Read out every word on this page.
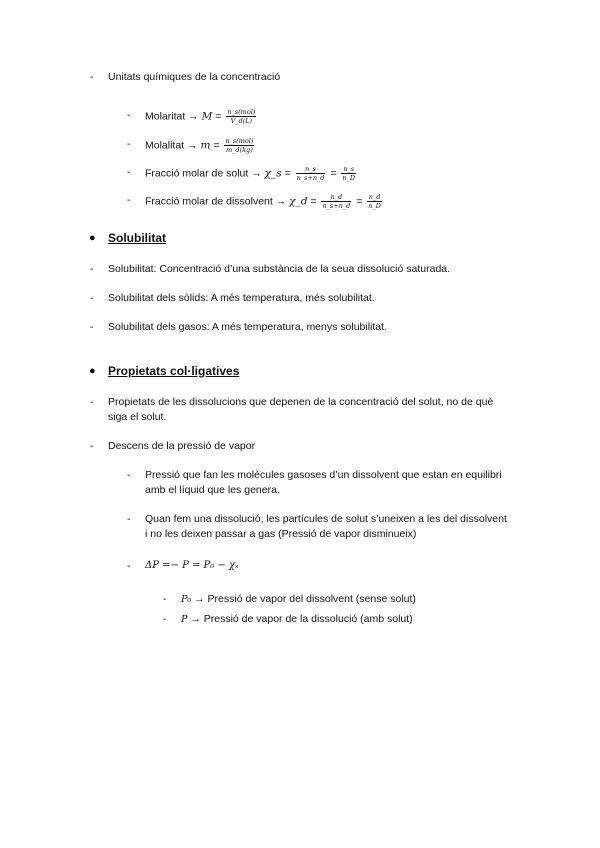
- Unitats químiques de la concentració
- Molaritat → $M = \frac{\text{n\_s(mol)}}{V\_d(L)}$
- Molalitat → $m = \frac{\text{n\_s(mol)}}{m\_d(kg)}$
- Fracció molar de solut → χ_s = $\frac{n\_s}{n\_s+n\_d} = \frac{n\_s}{n\_D}$
- Fracció molar de dissolvent → χ_d = $\frac{n\_d}{n\_s+n\_d} = \frac{n\_d}{n\_D}$
● Solubilitat
- Solubilitat: Concentració d’una substància de la seua dissolució saturada.
- Solubilitat dels sòlids: A més temperatura, més solubilitat.
- Solubilitat dels gasos: A més temperatura, menys solubilitat.
● Propietats col·ligatives
- Propietats de les dissolucions que depenen de la concentració del solut, no de què
siga el solut.
- Descens de la pressió de vapor
- Pressió que fan les molècules gasoses d’un dissolvent que estan en equilibri
amb el líquid que les genera.
- Quan fem una dissolució, les partícules de solut s’uneixen a les del dissolvent
i no les deixen passar a gas (Pressió de vapor disminueix)
- ΔP =− P = P₀ − χₛ
- P₀ → Pressió de vapor del dissolvent (sense solut)
- P → Pressió de vapor de la dissolució (amb solut)
